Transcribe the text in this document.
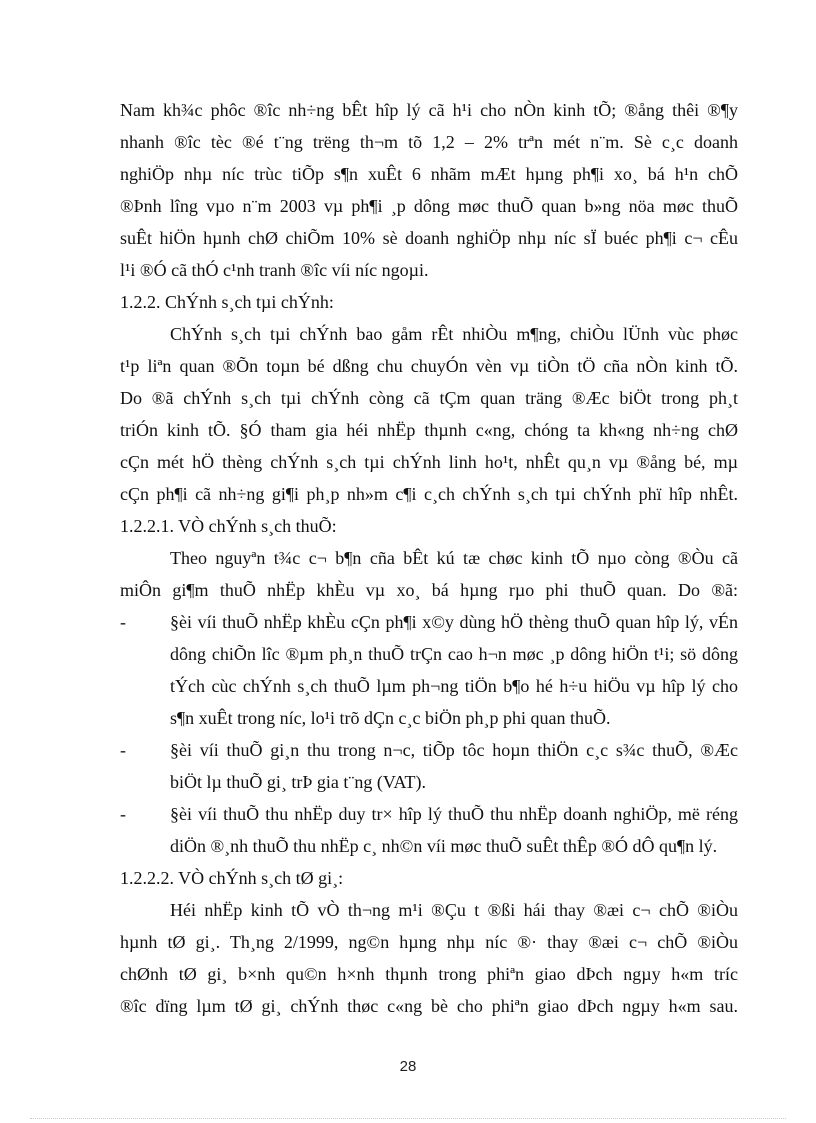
Nam kh¾c phôc ®îc nh÷ng bÊt hîp lý cã h¹i cho nÒn kinh tÕ; ®ång thêi ®¶y
nhanh ®îc tèc ®é t¨ng trëng th¬m tõ 1,2 – 2% trªn mét n¨m. Sè c¸c doanh
nghiÖp nhµ níc trùc tiÕp s¶n xuÊt 6 nhãm mÆt hµng ph¶i xo¸ bá h¹n chÕ
®Þnh lîng vµo n¨m 2003 vµ ph¶i ¸p dông møc thuÕ quan b»ng nöa møc thuÕ
suÊt hiÖn hµnh chØ chiÕm 10% sè doanh nghiÖp nhµ níc sÏ buéc ph¶i c¬ cÊu
l¹i ®Ó cã thÓ c¹nh tranh ®îc víi níc ngoµi.
1.2.2. ChÝnh s¸ch tµi chÝnh:
ChÝnh s¸ch tµi chÝnh bao gåm rÊt nhiÒu m¶ng, chiÒu lÜnh vùc phøc
t¹p liªn quan ®Õn toµn bé dßng chu chuyÓn vèn vµ tiÒn tÖ cña nÒn kinh tÕ.
Do ®ã chÝnh s¸ch tµi chÝnh còng cã tÇm quan träng ®Æc biÖt trong ph¸t
triÓn kinh tÕ. §Ó tham gia héi nhËp thµnh c«ng, chóng ta kh«ng nh÷ng chØ
cÇn mét hÖ thèng chÝnh s¸ch tµi chÝnh linh ho¹t, nhÊt qu¸n vµ ®ång bé, mµ
cÇn ph¶i cã nh÷ng gi¶i ph¸p nh»m c¶i c¸ch chÝnh s¸ch tµi chÝnh phï hîp nhÊt.
1.2.2.1. VÒ chÝnh s¸ch thuÕ:
Theo nguyªn t¾c c¬ b¶n cña bÊt kú tæ chøc kinh tÕ nµo còng ®Òu cã
miÔn gi¶m thuÕ nhËp khÈu vµ xo¸ bá hµng rµo phi thuÕ quan. Do ®ã:
- §èi víi thuÕ nhËp khÈu cÇn ph¶i x©y dùng hÖ thèng thuÕ quan hîp lý, vÉn
dông chiÕn lîc ®µm ph¸n thuÕ trÇn cao h¬n møc ¸p dông hiÖn t¹i; sö dông
tÝch cùc chÝnh s¸ch thuÕ lµm ph¬ng tiÖn b¶o hé h÷u hiÖu vµ hîp lý cho
s¶n xuÊt trong níc, lo¹i trõ dÇn c¸c biÖn ph¸p phi quan thuÕ.
- §èi víi thuÕ gi¸n thu trong n¬c, tiÕp tôc hoµn thiÖn c¸c s¾c thuÕ, ®Æc
biÖt lµ thuÕ gi¸ trÞ gia t¨ng (VAT).
- §èi víi thuÕ thu nhËp duy tr× hîp lý thuÕ thu nhËp doanh nghiÖp, më réng
diÖn ®¸nh thuÕ thu nhËp c¸ nh©n víi møc thuÕ suÊt thÊp ®Ó dÔ qu¶n lý.
1.2.2.2. VÒ chÝnh s¸ch tØ gi¸:
Héi nhËp kinh tÕ vÒ th¬ng m¹i ®Çu t ®ßi hái thay ®æi c¬ chÕ ®iÒu
hµnh tØ gi¸. Th¸ng 2/1999, ng©n hµng nhµ níc ®· thay ®æi c¬ chÕ ®iÒu
chØnh tØ gi¸ b×nh qu©n h×nh thµnh trong phiªn giao dÞch ngµy h«m tríc
®îc dïng lµm tØ gi¸ chÝnh thøc c«ng bè cho phiªn giao dÞch ngµy h«m sau.
28
